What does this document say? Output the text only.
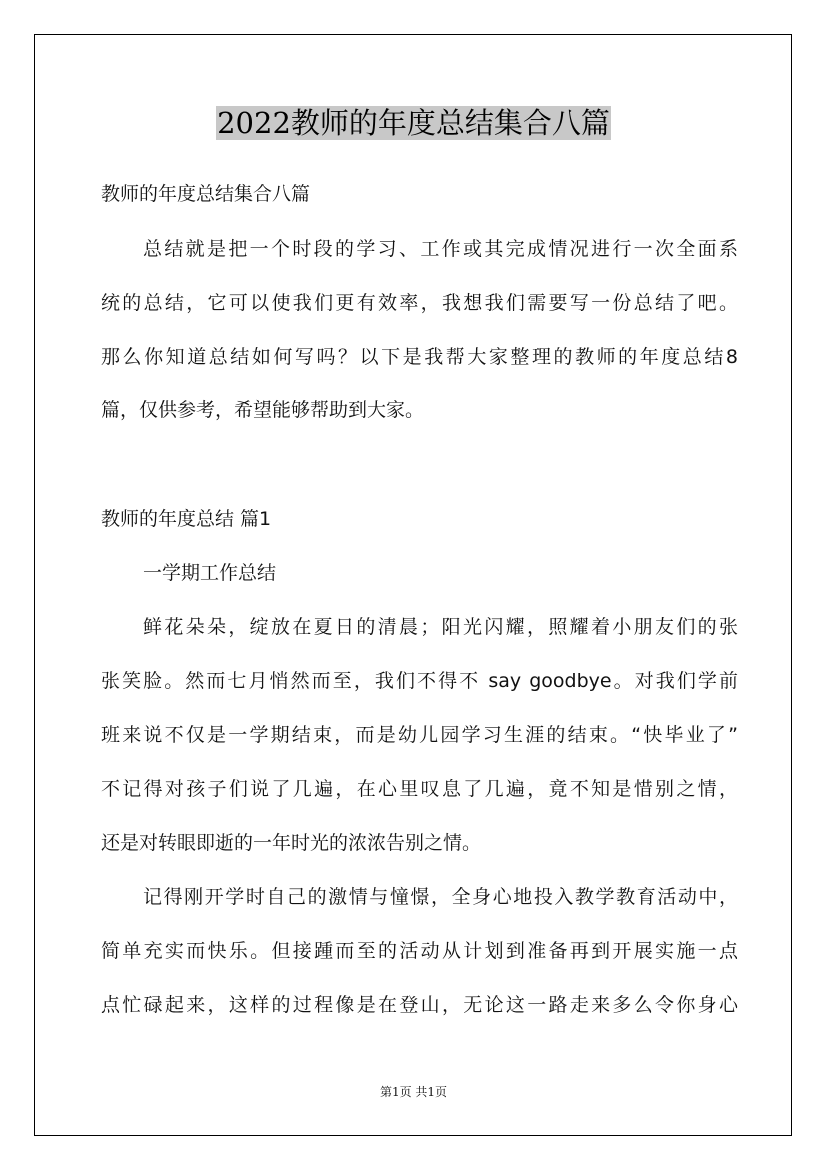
2022教师的年度总结集合八篇
教师的年度总结集合八篇
总结就是把一个时段的学习、工作或其完成情况进行一次全面系
统的总结，它可以使我们更有效率，我想我们需要写一份总结了吧。
那么你知道总结如何写吗？以下是我帮大家整理的教师的年度总结8
篇，仅供参考，希望能够帮助到大家。
教师的年度总结 篇1
一学期工作总结
鲜花朵朵，绽放在夏日的清晨；阳光闪耀，照耀着小朋友们的张
张笑脸。然而七月悄然而至，我们不得不 say goodbye。对我们学前
班来说不仅是一学期结束，而是幼儿园学习生涯的结束。“快毕业了”
不记得对孩子们说了几遍，在心里叹息了几遍，竟不知是惜别之情，
还是对转眼即逝的一年时光的浓浓告别之情。
记得刚开学时自己的激情与憧憬，全身心地投入教学教育活动中，
简单充实而快乐。但接踵而至的活动从计划到准备再到开展实施一点
点忙碌起来，这样的过程像是在登山，无论这一路走来多么令你身心
第1页 共1页
